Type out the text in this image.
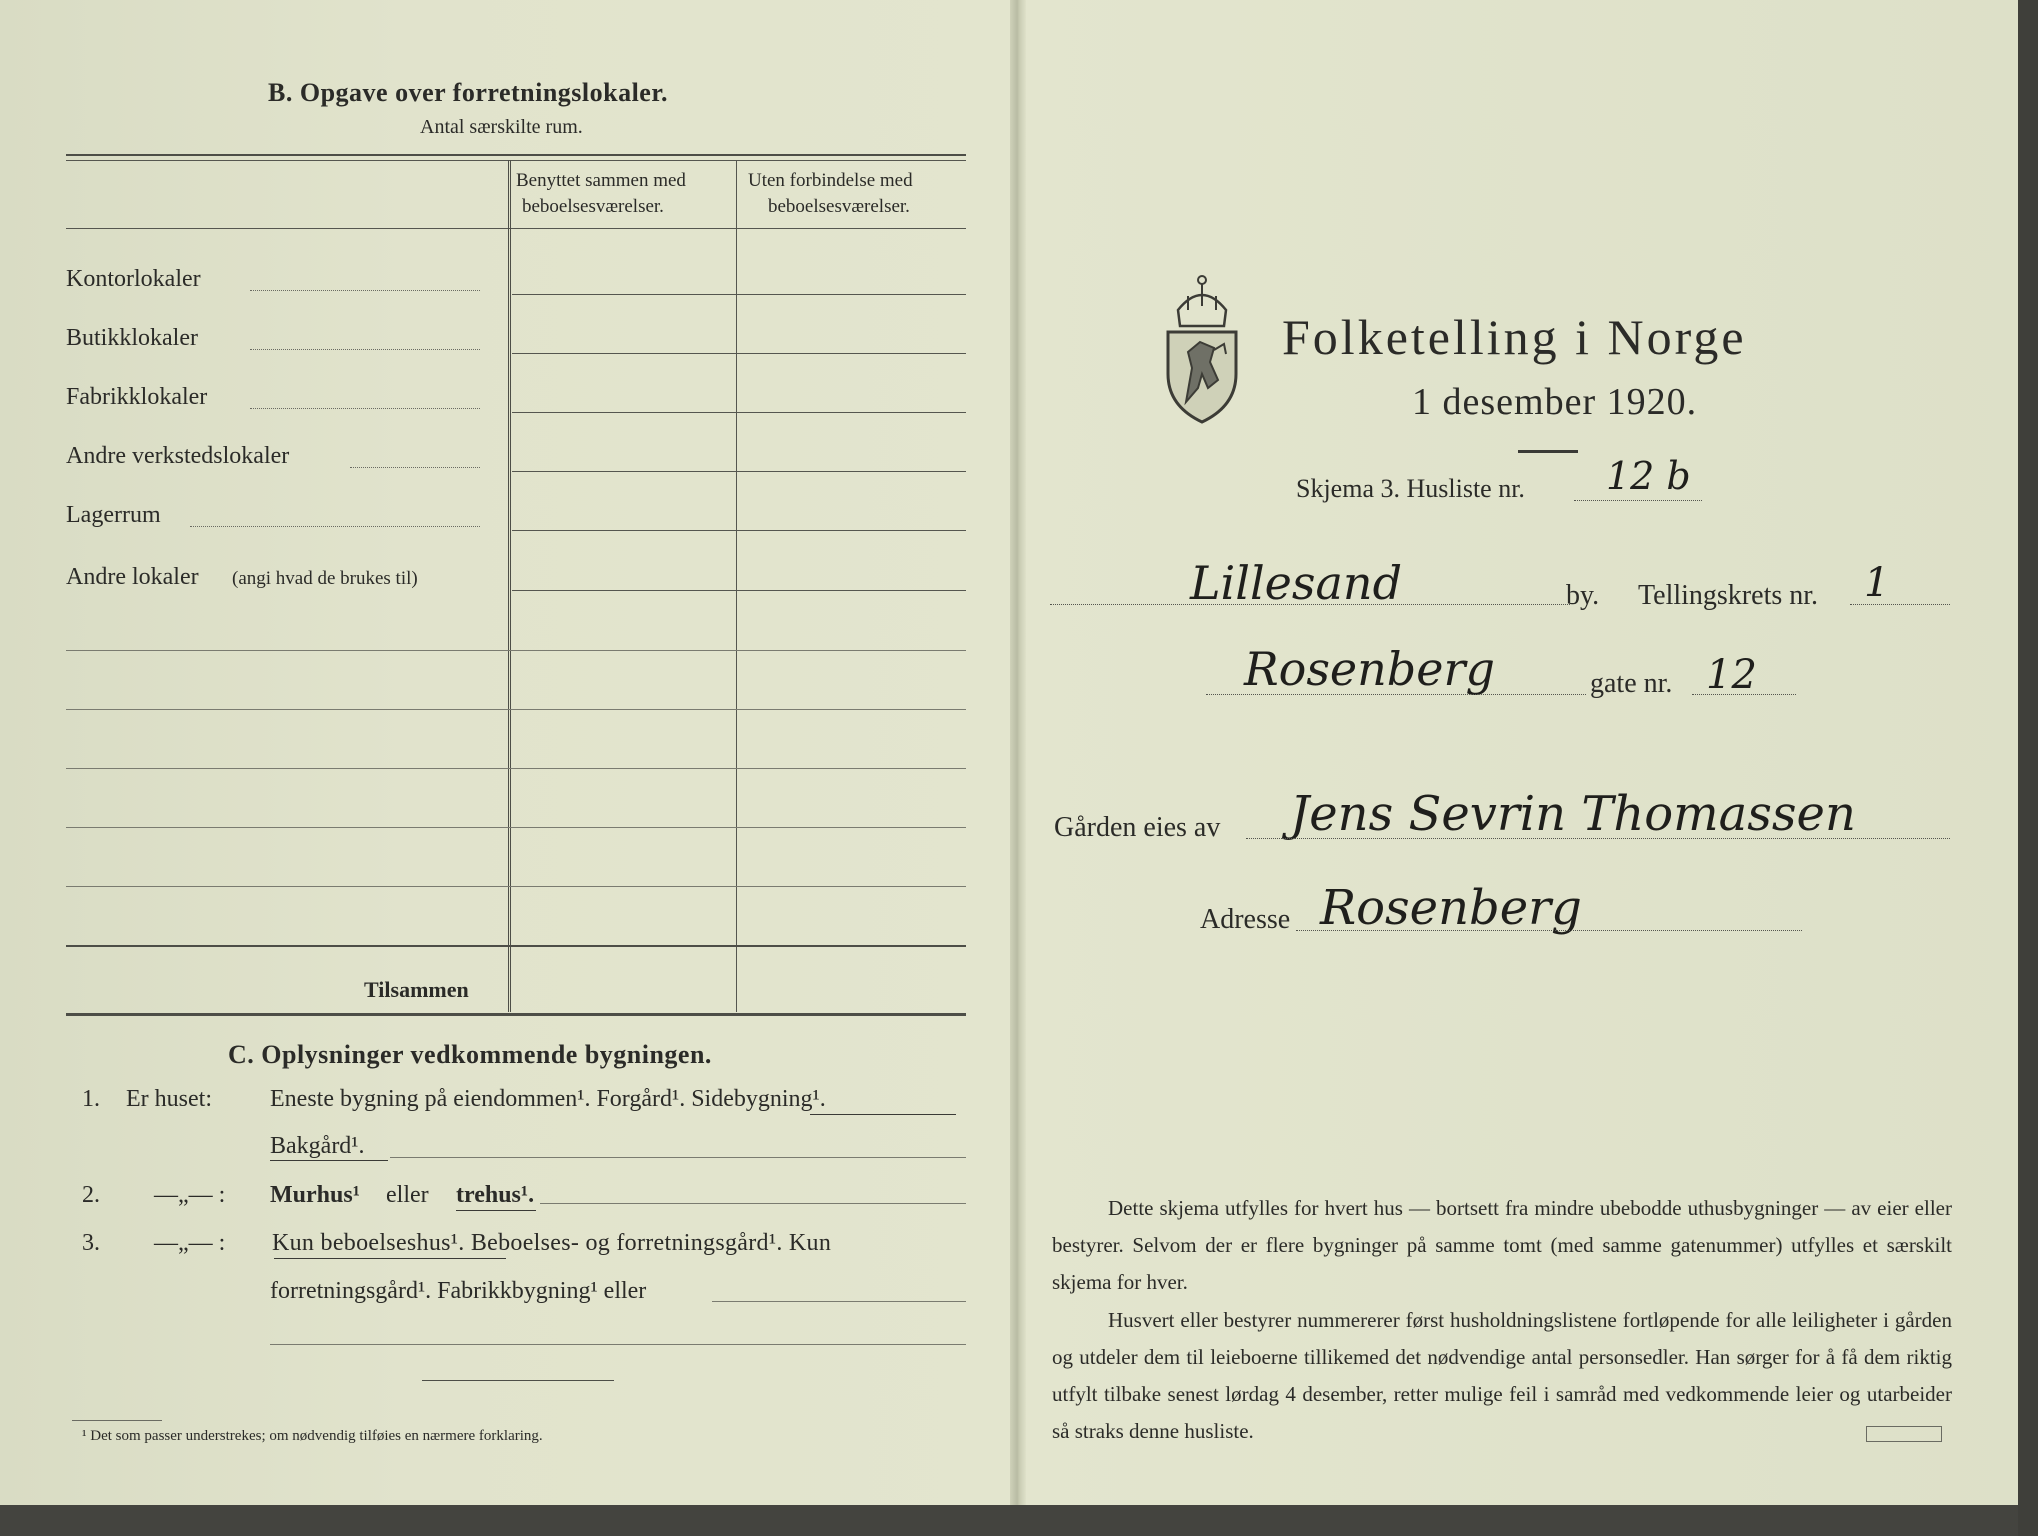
B. Opgave over forretningslokaler.
Antal særskilte rum.
Benyttet sammen med
beboelsesværelser.
Uten forbindelse med
beboelsesværelser.
Kontorlokaler
Butikklokaler
Fabrikklokaler
Andre verkstedslokaler
Lagerrum
Andre lokaler (angi hvad de brukes til)
Tilsammen
C. Oplysninger vedkommende bygningen.
1. Er huset: Eneste bygning på eiendommen¹. Forgård¹. Sidebygning¹.
Bakgård¹.
2. —„— : Murhus¹ eller trehus¹.
3. —„— : Kun beboelseshus¹. Beboelses- og forretningsgård¹. Kun
forretningsgård¹. Fabrikkbygning¹ eller
¹ Det som passer understrekes; om nødvendig tilføies en nærmere forklaring.
Folketelling i Norge
1 desember 1920.
Skjema 3. Husliste nr. 12 b
Lillesand	by. Tellingskrets nr. 1
Rosenberg	gate nr. 12
Gården eies av Jens Sevrin Thomassen
Adresse Rosenberg
Dette skjema utfylles for hvert hus — bortsett fra mindre ubebodde uthusbygninger — av eier eller bestyrer. Selvom der er flere bygninger på samme tomt (med samme gatenummer) utfylles et særskilt skjema for hver.
Husvert eller bestyrer nummererer først husholdningslistene fortløpende for alle leiligheter i gården og utdeler dem til leieboerne tillikemed det nødvendige antal personsedler. Han sørger for å få dem riktig utfylt tilbake senest lørdag 4 desember, retter mulige feil i samråd med vedkommende leier og utarbeider så straks denne husliste.
